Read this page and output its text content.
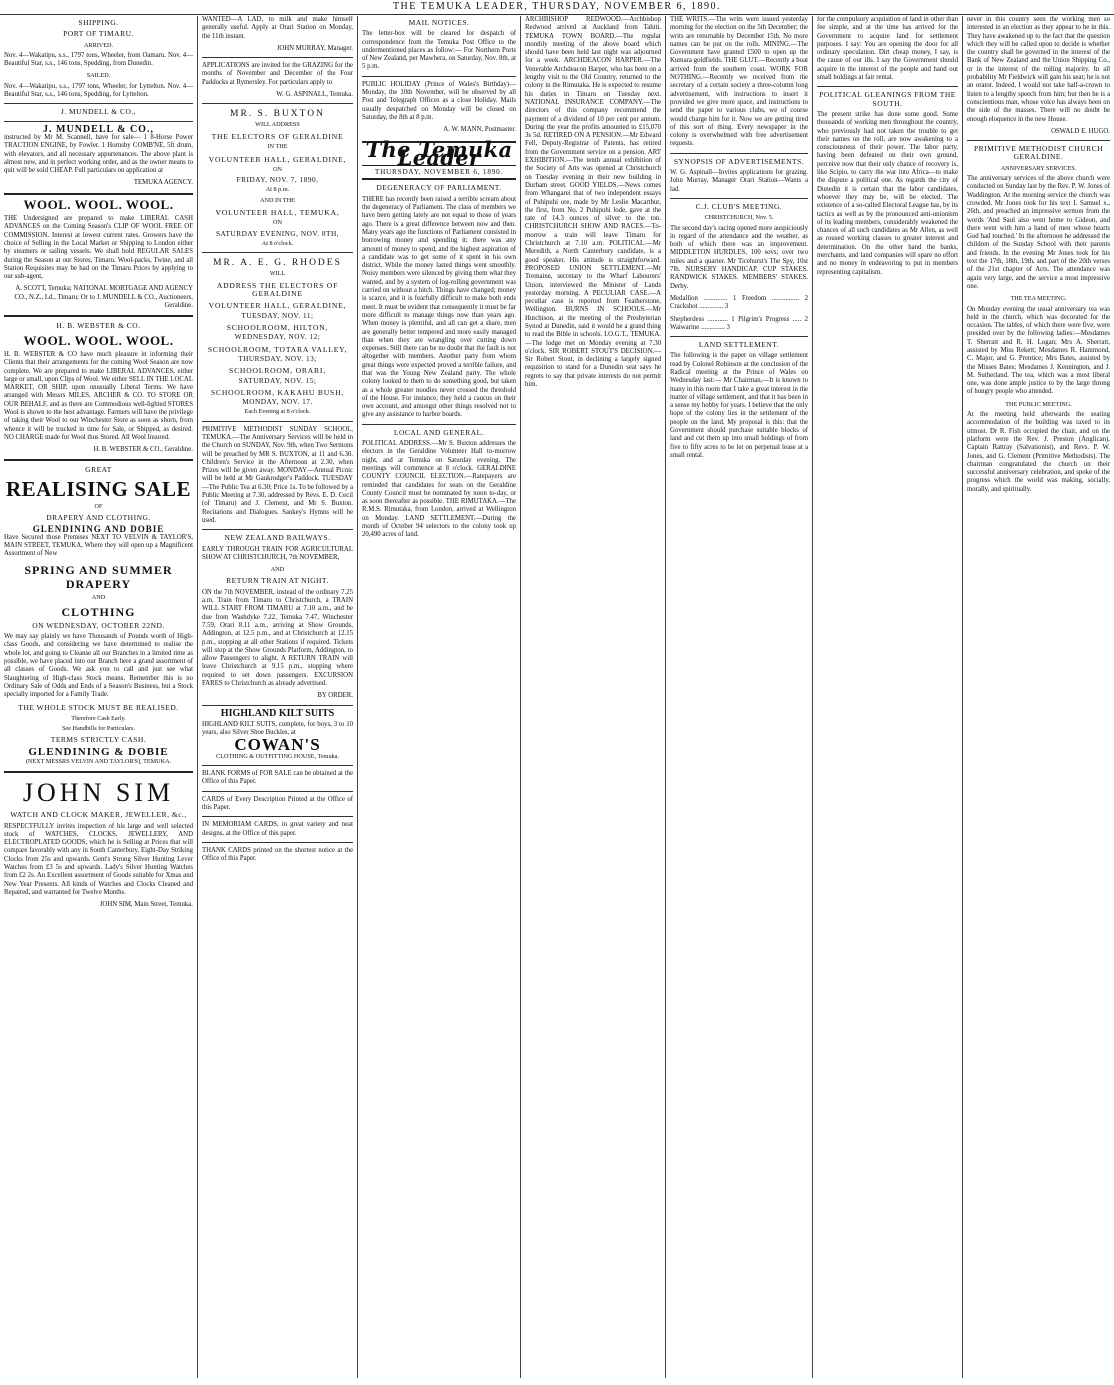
THE TEMUKA LEADER, THURSDAY, NOVEMBER 6, 1890.
SHIPPING.
PORT OF TIMARU.
ARRIVED.
Nov. 4—Wakatipu, s.s., 1797 tons, Wheeler, from Oamaru. Nov. 4—Beautiful Star, s.s., 146 tons, Spedding, from Dunedin.
SAILED.
Nov. 4—Wakatipu, s.s., 1797 tons, Wheeler, for Lyttelton. Nov. 4—Beautiful Star, s.s., 146 tons, Spedding, for Lyttelton.
J. MUNDELL & CO.,
J. MUNDELL & CO.,
instructed by Mr M. Scannell, have for sale— 1 8-Horse Power TRACTION ENGINE, by Fowler. 1 Hornsby COMB'NE, 5ft drum, with elevators, and all necessary appurtenances. The above plant is almost new, and in perfect working order, and as the owner means to quit will be sold CHEAP. Full particulars on application at
TEMUKA AGENCY.
WOOL. WOOL. WOOL.
THE Undersigned are prepared to make LIBERAL CASH ADVANCES on the Coming Season's CLIP OF WOOL FREE OF COMMISSION. Interest at lowest current rates. Growers have the choice of Selling in the Local Market or Shipping to London either by steamers or sailing vessels. We shall hold REGULAR SALES during the Season at our Stores, Timaru. Wool-packs, Twine, and all Station Requisites may be had on the Timaru Prices by applying to our sub-agent,
A. SCOTT, Temuka; NATIONAL MORTGAGE AND AGENCY CO., N.Z., Ld., Timaru; Or to J. MUNDELL & CO., Auctioneers, Geraldine.
H. B. WEBSTER & CO.
WOOL. WOOL. WOOL.
H. B. WEBSTER & CO have much pleasure in informing their Clients that their arrangements for the coming Wool Season are now complete. We are prepared to make LIBERAL ADVANCES, either large or small, upon Clips of Wool. We either SELL IN THE LOCAL MARKET, OR SHIP, upon unusually Liberal Terms. We have arranged with Messrs MILES, ARCHER & CO. TO STORE OR OUR BEHALF, and as there are Commodious well-lighted STORES Wool is shown to the best advantage. Farmers will have the privilege of taking their Wool to our Winchester Store as soon as shorn, from whence it will be trucked in time for Sale, or Shipped, as desired. NO CHARGE made for Wool thus Stored. All Wool Insured.
H. B. WEBSTER & CO., Geraldine.
GREAT
REALISING SALE
OF
DRAPERY AND CLOTHING.
GLENDINING AND DOBIE
Have Secured those Premises NEXT TO VELVIN & TAYLOR'S, MAIN STREET, TEMUKA, Where they will open up a Magnificent Assortment of New
SPRING AND SUMMER DRAPERY
AND
CLOTHING
ON WEDNESDAY, OCTOBER 22ND.
We may say plainly we have Thousands of Pounds worth of High-class Goods, and considering we have determined to realise the whole lot, and going to Cleanse all our Branches in a limited time as possible, we have placed into our Branch here a grand assortment of all classes of Goods. We ask you to call and just see what Slaughtering of High-class Stock means. Remember this is no Ordinary Sale of Odds and Ends of a Season's Business, but a Stock specially imported for a Family Trade.
THE WHOLE STOCK MUST BE REALISED.
Therefore Cash Early.
See Handbills for Particulars.
TERMS STRICTLY CASH.
GLENDINING & DOBIE
(NEXT MESSRS VELVIN AND TAYLOR'S), TEMUKA.
JOHN SIM
WATCH AND CLOCK MAKER, JEWELLER, &c.,
RESPECTFULLY invites inspection of his large and well selected stock of WATCHES, CLOCKS, JEWELLERY, AND ELECTROPLATED GOODS, which he is Selling at Prices that will compare favorably with any in South Canterbury. Eight-Day Striking Clocks from 25s and upwards. Gent's Strong Silver Hunting Lever Watches from £3 5s and upwards. Lady's Silver Hunting Watches from £2 2s. An Excellent assortment of Goods suitable for Xmas and New Year Presents. All kinds of Watches and Clocks Cleaned and Repaired, and warranted for Twelve Months.
JOHN SIM, Main Street, Temuka.
WANTED—A LAD, to milk and make himself generally useful. Apply at Orari Station on Monday, the 11th instant.
JOHN MURRAY, Manager.
APPLICATIONS are invited for the GRAZING for the months of November and December of the Four Paddocks at Rymersley. For particulars apply to
W. G. ASPINALL, Temuka.
MR. S. BUXTON
WILL ADDRESS
THE ELECTORS OF GERALDINE
IN THE
VOLUNTEER HALL, GERALDINE,
ON
FRIDAY, NOV. 7, 1890,
At 8 p.m.
AND IN THE
VOLUNTEER HALL, TEMUKA,
ON
SATURDAY EVENING, NOV. 8TH,
At 8 o'clock.
MR. A. E. G. RHODES
WILL
ADDRESS THE ELECTORS OF GERALDINE
VOLUNTEER HALL, GERALDINE,
TUESDAY, NOV. 11;
SCHOOLROOM, HILTON,
WEDNESDAY, NOV. 12;
SCHOOLROOM, TOTARA VALLEY,
THURSDAY, NOV. 13;
SCHOOLROOM, ORARI,
SATURDAY, NOV. 15;
SCHOOLROOM, KAKAHU BUSH,
MONDAY, NOV. 17.
Each Evening at 8 o'clock.
PRIMITIVE METHODIST SUNDAY SCHOOL, TEMUKA.—The Anniversary Services will be held in the Church on SUNDAY, Nov. 9th, when Two Sermons will be preached by MR S. BUXTON, at 11 and 6.30. Children's Service in the Afternoon at 2.30, when Prizes will be given away. MONDAY—Annual Picnic will be held at Mr Gaukrodger's Paddock. TUESDAY—The Public Tea at 6.30; Price 1s. To be followed by a Public Meeting at 7.30, addressed by Revs. E. D. Cecil (of Timaru) and J. Clement, and Mr S. Buxton. Recitations and Dialogues. Sankey's Hymns will be used.
NEW ZEALAND RAILWAYS.
EARLY THROUGH TRAIN FOR AGRICULTURAL SHOW AT CHRISTCHURCH, 7th NOVEMBER,
AND
RETURN TRAIN AT NIGHT.
ON the 7th NOVEMBER, instead of the ordinary 7.25 a.m. Train from Timaru to Christchurch, a TRAIN WILL START FROM TIMARU at 7.10 a.m., and be due from Washdyke 7.22, Temuka 7.47, Winchester 7.59, Orari 8.11 a.m., arriving at Show Grounds, Addington, at 12.5 p.m., and at Christchurch at 12.15 p.m., stopping at all other Stations if required. Tickets will stop at the Show Grounds Platform, Addington, to allow Passengers to alight. A RETURN TRAIN will leave Christchurch at 9.15 p.m., stopping where required to set down passengers. EXCURSION FARES to Christchurch as already advertised.
BY ORDER.
HIGHLAND KILT SUITS
HIGHLAND KILT SUITS, complete, for boys, 3 to 10 years, also Silver Shoe Buckles, at
COWAN'S
CLOTHING & OUTFITTING HOUSE, Temuka.
BLANK FORMS of FOR SALE can be obtained at the Office of this Paper.
CARDS of Every Description Printed at the Office of this Paper.
IN MEMORIAM CARDS, in great variety and neat designs, at the Office of this paper.
THANK CARDS printed on the shortest notice at the Office of this Paper.
MAIL NOTICES.
The letter-box will be cleared for despatch of correspondence from the Temuka Post Office to the undermentioned places as follow:— For Northern Ports of New Zealand, per Mawhera, on Saturday, Nov. 8th, at 5 p.m.
PUBLIC HOLIDAY (Prince of Wales's Birthday)—Monday, the 10th November, will be observed by all Post and Telegraph Offices as a close Holiday. Mails usually despatched on Monday will be closed on Saturday, the 8th at 8 p.m.
A. W. MANN, Postmaster.
The Temuka Leader
THURSDAY, NOVEMBER 6, 1890.
DEGENERACY OF PARLIAMENT.
THERE has recently been raised a terrible scream about the degeneracy of Parliament. The class of members we have been getting lately are not equal to those of years ago. There is a great difference between now and then. Many years ago the functions of Parliament consisted in borrowing money and spending it; there was any amount of money to spend, and the highest aspiration of a candidate was to get some of it spent in his own district. While the money lasted things went smoothly. Noisy members were silenced by giving them what they wanted, and by a system of log-rolling government was carried on without a hitch. Things have changed; money is scarce, and it is fearfully difficult to make both ends meet. It must be evident that consequently it must be far more difficult to manage things now than years ago. When money is plentiful, and all can get a share, men are generally better tempered and more easily managed than when they are wrangling over cutting down expenses. Still there can be no doubt that the fault is not altogether with members. Another party from whom great things were expected proved a terrible failure, and that was the Young New Zealand party. The whole colony looked to them to do something good, but taken as a whole greater noodles never crossed the threshold of the House. For instance, they held a caucus on their own account, and amongst other things resolved not to give any assistance to harbor boards.
LOCAL AND GENERAL.
POLITICAL ADDRESS.—Mr S. Buxton addresses the electors in the Geraldine Volunteer Hall to-morrow night, and at Temuka on Saturday evening. The meetings will commence at 8 o'clock. GERALDINE COUNTY COUNCIL ELECTION.—Ratepayers are reminded that candidates for seats on the Geraldine County Council must be nominated by noon to-day, or as soon thereafter as possible. THE RIMUTAKA.—The R.M.S. Rimutaka, from London, arrived at Wellington on Monday. LAND SETTLEMENT.—During the month of October 94 selectors to the colony took up 20,490 acres of land.
ARCHBISHOP REDWOOD.—Archbishop Redwood arrived at Auckland from Tahiti. TEMUKA TOWN BOARD.—The regular monthly meeting of the above board which should have been held last night was adjourned for a week. ARCHDEACON HARPER.—The Venerable Archdeacon Harper, who has been on a lengthy visit to the Old Country, returned to the colony in the Rimutaka. He is expected to resume his duties in Timaru on Tuesday next. NATIONAL INSURANCE COMPANY.—The directors of this company recommend the payment of a dividend of 10 per cent per annum. During the year the profits amounted to £15,070 3s 5d. RETIRED ON A PENSION.—Mr Edward Fell, Deputy-Registrar of Patents, has retired from the Government service on a pension. ART EXHIBITION.—The tenth annual exhibition of the Society of Arts was opened at Christchurch on Tuesday evening in their new building in Durham street. GOOD YIELDS.—News comes from Whangarei that of two independent essays of Puhipuhi ore, made by Mr Leslie Macarthur, the first, from No. 2 Puhipuhi lode, gave at the rate of 14.3 ounces of silver to the ton. CHRISTCHURCH SHOW AND RACES.—To-morrow a train will leave Timaru for Christchurch at 7.10 a.m. POLITICAL.—Mr Meredith, a North Canterbury candidate, is a good speaker. His attitude is straightforward. PROPOSED UNION SETTLEMENT.—Mr Tremaine, secretary to the Wharf Labourers' Union, interviewed the Minister of Lands yesterday morning. A PECULIAR CASE.—A peculiar case is reported from Featherstone, Wellington. BURNS IN SCHOOLS.—Mr Hutchison, at the meeting of the Presbyterian Synod at Dunedin, said it would be a grand thing to read the Bible in schools. I.O.G.T., TEMUKA.—The lodge met on Monday evening at 7.30 o'clock. SIR ROBERT STOUT'S DECISION.—Sir Robert Stout, in declining a largely signed requisition to stand for a Dunedin seat says he regrets to say that private interests do not permit him.
THE WRITS.—The writs were issued yesterday morning for the election on the 5th December; the writs are returnable by December 15th. No more names can be put on the rolls. MINING.—The Government have granted £500 to open up the Kumara goldfields. THE GLUT.—Recently a boat arrived from the southern coast. WORK FOR NOTHING.—Recently we received from the secretary of a certain society a three-column long advertisement, with instructions to insert it provided we give more space, and instructions to send the paper to various clubs, we of course would charge him for it. Now we are getting tired of this sort of thing. Every newspaper in the colony is overwhelmed with free advertisement requests.
SYNOPSIS OF ADVERTISEMENTS.
W. G. Aspinall—Invites applications for grazing. John Murray, Manager Orari Station—Wants a lad.
C.J. CLUB'S MEETING.
CHRISTCHURCH, Nov. 5.
The second day's racing opened more auspiciously in regard of the attendance and the weather, as both of which there was an improvement. MIDDLETON HURDLES, 100 sovs; over two miles and a quarter. Mr Ticehurst's The Spy, 10st 7lb. NURSERY HANDICAP. CUP STAKES. RANDWICK STAKES. MEMBERS' STAKES. Derby.
Medallion .............. 1 Freedom ................ 2 Crackshot .............. 3
Shepherdess ............ 1 Pilgrim's Progress ..... 2 Waiwarine .............. 3
LAND SETTLEMENT.
The following is the paper on village settlement read by Colonel Robinson at the conclusion of the Radical meeting at the Prince of Wales on Wednesday last:— Mr Chairman,—It is known to many in this room that I take a great interest in the matter of village settlement, and that it has been in a sense my hobby for years. I believe that the only hope of the colony lies in the settlement of the people on the land. My proposal is this: that the Government should purchase suitable blocks of land and cut them up into small holdings of from five to fifty acres to be let on perpetual lease at a small rental.
for the compulsory acquisition of land in other than fee simple, and at the time has arrived for the Government to acquire land for settlement purposes. I say: You are opening the door for all ordinary speculation. Dirt cheap money, I say, is the cause of our ills. I say the Government should acquire in the interest of the people and hand out small holdings at fair rental.
POLITICAL GLEANINGS FROM THE SOUTH.
The present strike has done some good. Some thousands of working men throughout the country, who previously had not taken the trouble to get their names on the roll, are now awakening to a consciousness of their power. The labor party, having been defeated on their own ground, perceive now that their only chance of recovery is, like Scipio, to carry the war into Africa—to make the dispute a political one. As regards the city of Dunedin it is certain that the labor candidates, whoever they may be, will be elected. The existence of a so-called Electoral League has, by its tactics as well as by the pronounced anti-unionism of its leading members, considerably weakened the chances of all such candidates as Mr Allen, as well as roused working classes to greater interest and determination. On the other hand the banks, merchants, and land companies will spare no effort and no money in endeavoring to put in members representing capitalism.
never in this country seen the working men so interested in an election as they appear to be in this. They have awakened up to the fact that the question which they will be called upon to decide is whether the country shall be governed in the interest of the Bank of New Zealand and the Union Shipping Co., or in the interest of the toiling majority. In all probability Mr Fieldwick will gain his seat; he is not an orator. Indeed, I would not take half-a-crown to listen to a lengthy speech from him; but then he is a conscientious man, whose voice has always been on the side of the masses. There will no doubt be enough eloquence in the new House.
OSWALD E. HUGO.
PRIMITIVE METHODIST CHURCH GERALDINE.
ANNIVERSARY SERVICES.
The anniversary services of the above church were conducted on Sunday last by the Rev. P. W. Jones of Waddington. At the morning service the church was crowded. Mr Jones took for his text I. Samuel x., 26th, and preached an impressive sermon from the words 'And Saul also went home to Gideon, and there went with him a band of men whose hearts God had touched.' In the afternoon he addressed the children of the Sunday School with their parents and friends. In the evening Mr Jones took for his text the 17th, 18th, 19th, and part of the 20th verses of the 21st chapter of Acts. The attendance was again very large, and the service a most impressive one.
THE TEA MEETING.
On Monday evening the usual anniversary tea was held in the church, which was decorated for the occasion. The tables, of which there were five, were presided over by the following ladies:—Mesdames T. Sherratt and R. H. Logan; Mrs A. Sherratt, assisted by Miss Rekett; Mesdames R. Hammond, C. Major, and G. Prentice; Mrs Bates, assisted by the Misses Bates; Mesdames J. Kennington, and J. M. Sutherland. The tea, which was a most liberal one, was done ample justice to by the large throng of hungry people who attended.
THE PUBLIC MEETING.
At the meeting held afterwards the seating accommodation of the building was taxed to its utmost. Dr R. Fish occupied the chair, and on the platform were the Rev. J. Preston (Anglican), Captain Rattray (Salvationist), and Revs. P. W. Jones, and G. Clement (Primitive Methodists). The chairman congratulated the church on their successful anniversary celebration, and spoke of the progress which the world was making, socially, morally, and spiritually.
